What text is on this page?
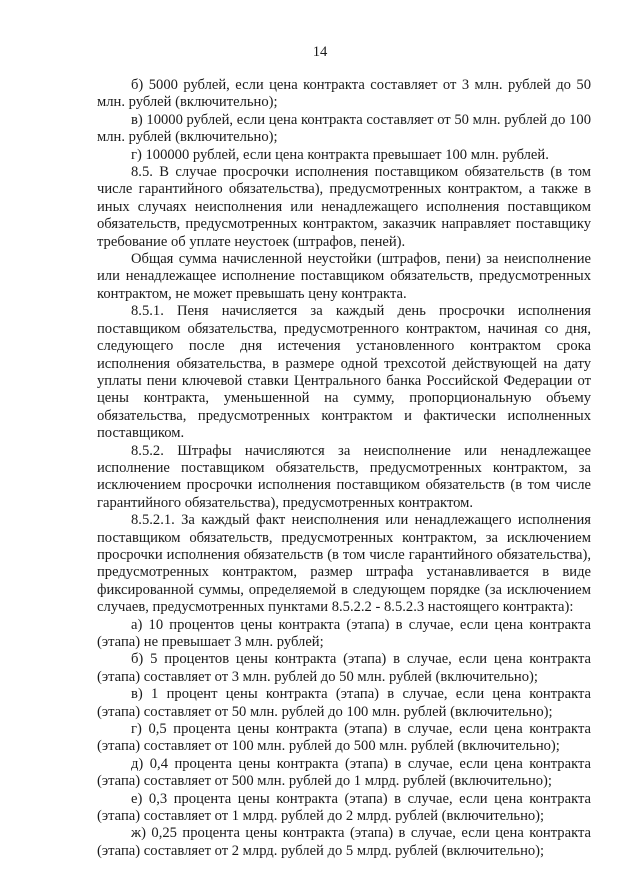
14

б) 5000 рублей, если цена контракта составляет от 3 млн. рублей до 50 млн. рублей (включительно);

в) 10000 рублей, если цена контракта составляет от 50 млн. рублей до 100 млн. рублей (включительно);

г) 100000 рублей, если цена контракта превышает 100 млн. рублей.

8.5. В случае просрочки исполнения поставщиком обязательств (в том числе гарантийного обязательства), предусмотренных контрактом, а также в иных случаях неисполнения или ненадлежащего исполнения поставщиком обязательств, предусмотренных контрактом, заказчик направляет поставщику требование об уплате неустоек (штрафов, пеней).

Общая сумма начисленной неустойки (штрафов, пени) за неисполнение или ненадлежащее исполнение поставщиком обязательств, предусмотренных контрактом, не может превышать цену контракта.

8.5.1. Пеня начисляется за каждый день просрочки исполнения поставщиком обязательства, предусмотренного контрактом, начиная со дня, следующего после дня истечения установленного контрактом срока исполнения обязательства, в размере одной трехсотой действующей на дату уплаты пени ключевой ставки Центрального банка Российской Федерации от цены контракта, уменьшенной на сумму, пропорциональную объему обязательства, предусмотренных контрактом и фактически исполненных поставщиком.

8.5.2. Штрафы начисляются за неисполнение или ненадлежащее исполнение поставщиком обязательств, предусмотренных контрактом, за исключением просрочки исполнения поставщиком обязательств (в том числе гарантийного обязательства), предусмотренных контрактом.

8.5.2.1. За каждый факт неисполнения или ненадлежащего исполнения поставщиком обязательств, предусмотренных контрактом, за исключением просрочки исполнения обязательств (в том числе гарантийного обязательства), предусмотренных контрактом, размер штрафа устанавливается в виде фиксированной суммы, определяемой в следующем порядке (за исключением случаев, предусмотренных пунктами 8.5.2.2 - 8.5.2.3 настоящего контракта):

а) 10 процентов цены контракта (этапа) в случае, если цена контракта (этапа) не превышает 3 млн. рублей;

б) 5 процентов цены контракта (этапа) в случае, если цена контракта (этапа) составляет от 3 млн. рублей до 50 млн. рублей (включительно);

в) 1 процент цены контракта (этапа) в случае, если цена контракта (этапа) составляет от 50 млн. рублей до 100 млн. рублей (включительно);

г) 0,5 процента цены контракта (этапа) в случае, если цена контракта (этапа) составляет от 100 млн. рублей до 500 млн. рублей (включительно);

д) 0,4 процента цены контракта (этапа) в случае, если цена контракта (этапа) составляет от 500 млн. рублей до 1 млрд. рублей (включительно);

е) 0,3 процента цены контракта (этапа) в случае, если цена контракта (этапа) составляет от 1 млрд. рублей до 2 млрд. рублей (включительно);

ж) 0,25 процента цены контракта (этапа) в случае, если цена контракта (этапа) составляет от 2 млрд. рублей до 5 млрд. рублей (включительно);
